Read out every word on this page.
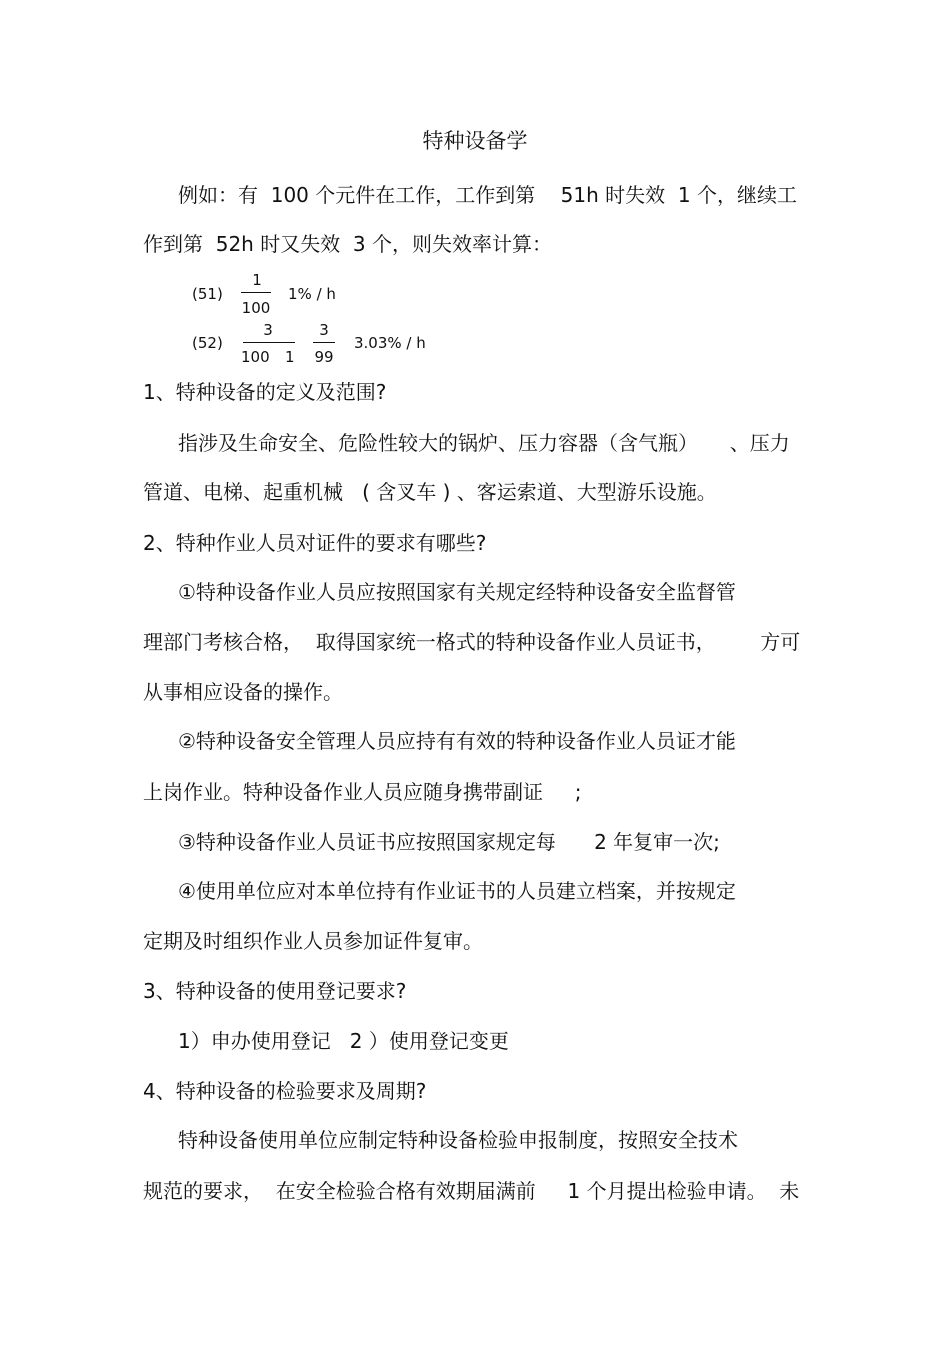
特种设备学
例如：有  100 个元件在工作，工作到第    51h 时失效  1 个，继续工
作到第  52h 时又失效  3 个，则失效率计算：
(51)
1
100
1% / h
(52)
3
100 1
3
99
3.03% / h
1、特种设备的定义及范围?
指涉及生命安全、危险性较大的锅炉、压力容器（含气瓶）     、压力
管道、电梯、起重机械   ( 含叉车 ) 、客运索道、大型游乐设施。
2、特种作业人员对证件的要求有哪些?
①特种设备作业人员应按照国家有关规定经特种设备安全监督管
理部门考核合格，  取得国家统一格式的特种设备作业人员证书，       方可
从事相应设备的操作。
②特种设备安全管理人员应持有有效的特种设备作业人员证才能
上岗作业。特种设备作业人员应随身携带副证     ;
③特种设备作业人员证书应按照国家规定每      2 年复审一次;
④使用单位应对本单位持有作业证书的人员建立档案，并按规定
定期及时组织作业人员参加证件复审。
3、特种设备的使用登记要求?
1）申办使用登记   2 ）使用登记变更
4、特种设备的检验要求及周期?
特种设备使用单位应制定特种设备检验申报制度，按照安全技术
规范的要求，  在安全检验合格有效期届满前     1 个月提出检验申请。  未
